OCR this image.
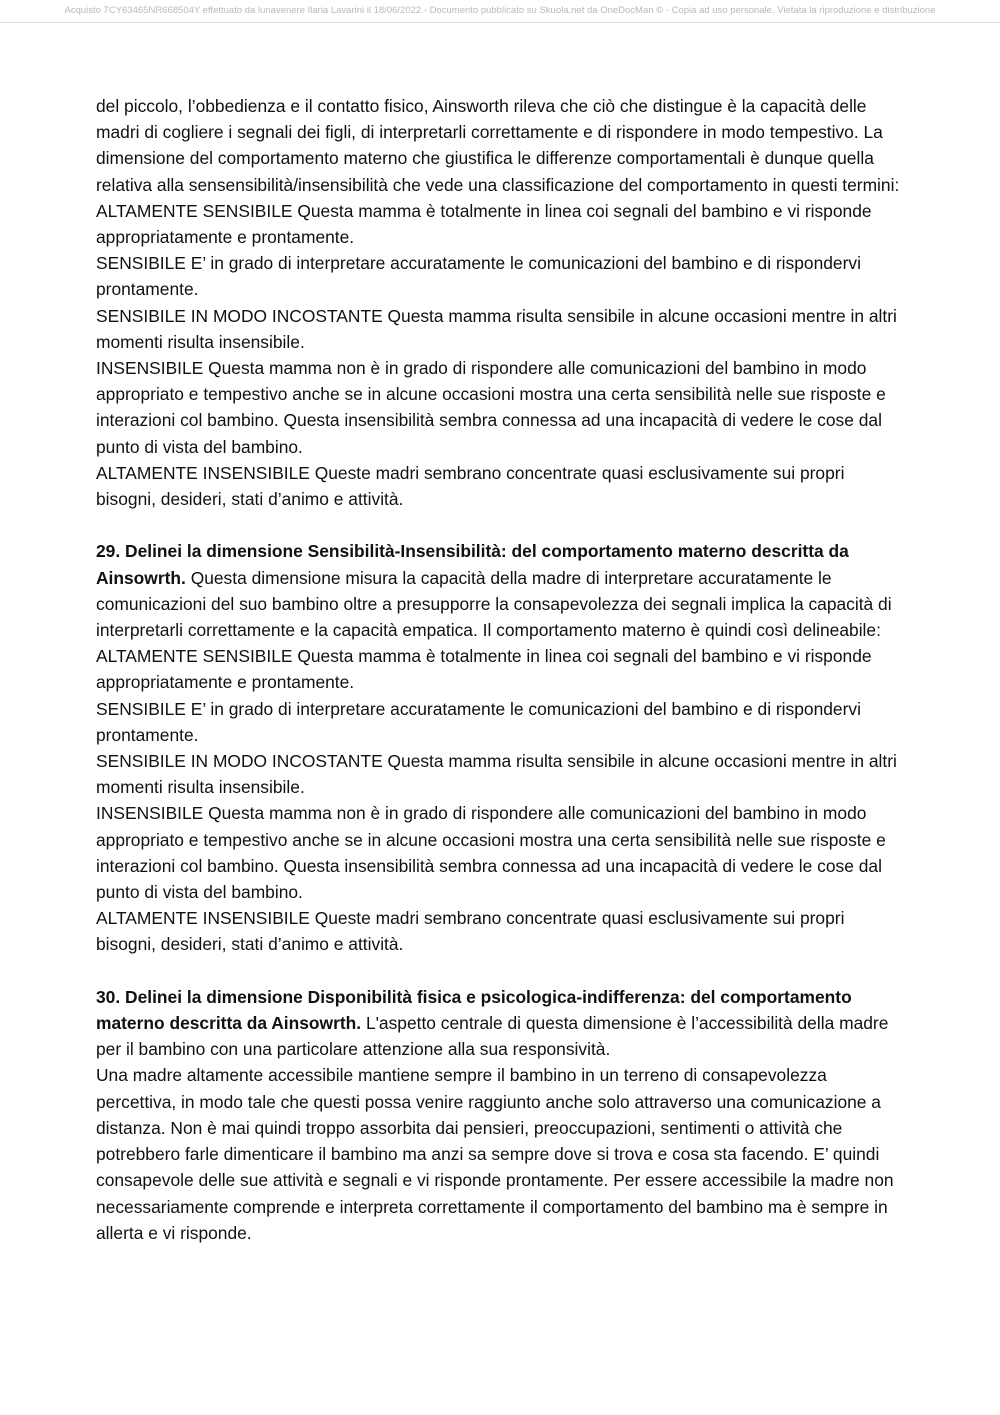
Acquisto 7CY63465NR668504Y effettuato da lunavenere Ilaria Lavarini il 18/06/2022 - Documento pubblicato su Skuola.net da OneDocMan © - Copia ad uso personale. Vietata la riproduzione e distribuzione

del piccolo, l’obbedienza e il contatto fisico, Ainsworth rileva che ciò che distingue è la capacità delle madri di cogliere i segnali dei figli, di interpretarli correttamente e di rispondere in modo tempestivo. La dimensione del comportamento materno che giustifica le differenze comportamentali è dunque quella relativa alla sensensibilità/insensibilità che vede una classificazione del comportamento in questi termini:

ALTAMENTE SENSIBILE Questa mamma è totalmente in linea coi segnali del bambino e vi risponde appropriatamente e prontamente.

SENSIBILE E’ in grado di interpretare accuratamente le comunicazioni del bambino e di rispondervi prontamente.

SENSIBILE IN MODO INCOSTANTE Questa mamma risulta sensibile in alcune occasioni mentre in altri momenti risulta insensibile.

INSENSIBILE Questa mamma non è in grado di rispondere alle comunicazioni del bambino in modo appropriato e tempestivo anche se in alcune occasioni mostra una certa sensibilità nelle sue risposte e interazioni col bambino. Questa insensibilità sembra connessa ad una incapacità di vedere le cose dal punto di vista del bambino.

ALTAMENTE INSENSIBILE Queste madri sembrano concentrate quasi esclusivamente sui propri bisogni, desideri, stati d’animo e attività.

29. Delinei la dimensione Sensibilità-Insensibilità: del comportamento materno descritta da Ainsowrth. Questa dimensione misura la capacità della madre di interpretare accuratamente le comunicazioni del suo bambino oltre a presupporre la consapevolezza dei segnali implica la capacità di interpretarli correttamente e la capacità empatica. Il comportamento materno è quindi così delineabile:

ALTAMENTE SENSIBILE Questa mamma è totalmente in linea coi segnali del bambino e vi risponde appropriatamente e prontamente.

SENSIBILE E’ in grado di interpretare accuratamente le comunicazioni del bambino e di rispondervi prontamente.

SENSIBILE IN MODO INCOSTANTE Questa mamma risulta sensibile in alcune occasioni mentre in altri momenti risulta insensibile.

INSENSIBILE Questa mamma non è in grado di rispondere alle comunicazioni del bambino in modo appropriato e tempestivo anche se in alcune occasioni mostra una certa sensibilità nelle sue risposte e interazioni col bambino. Questa insensibilità sembra connessa ad una incapacità di vedere le cose dal punto di vista del bambino.

ALTAMENTE INSENSIBILE Queste madri sembrano concentrate quasi esclusivamente sui propri bisogni, desideri, stati d’animo e attività.

30. Delinei la dimensione Disponibilità fisica e psicologica-indifferenza: del comportamento materno descritta da Ainsowrth. L'aspetto centrale di questa dimensione è l’accessibilità della madre per il bambino con una particolare attenzione alla sua responsività.

Una madre altamente accessibile mantiene sempre il bambino in un terreno di consapevolezza percettiva, in modo tale che questi possa venire raggiunto anche solo attraverso una comunicazione a distanza. Non è mai quindi troppo assorbita dai pensieri, preoccupazioni, sentimenti o attività che potrebbero farle dimenticare il bambino ma anzi sa sempre dove si trova e cosa sta facendo. E’ quindi consapevole delle sue attività e segnali e vi risponde prontamente. Per essere accessibile la madre non necessariamente comprende e interpreta correttamente il comportamento del bambino ma è sempre in allerta e vi risponde.
